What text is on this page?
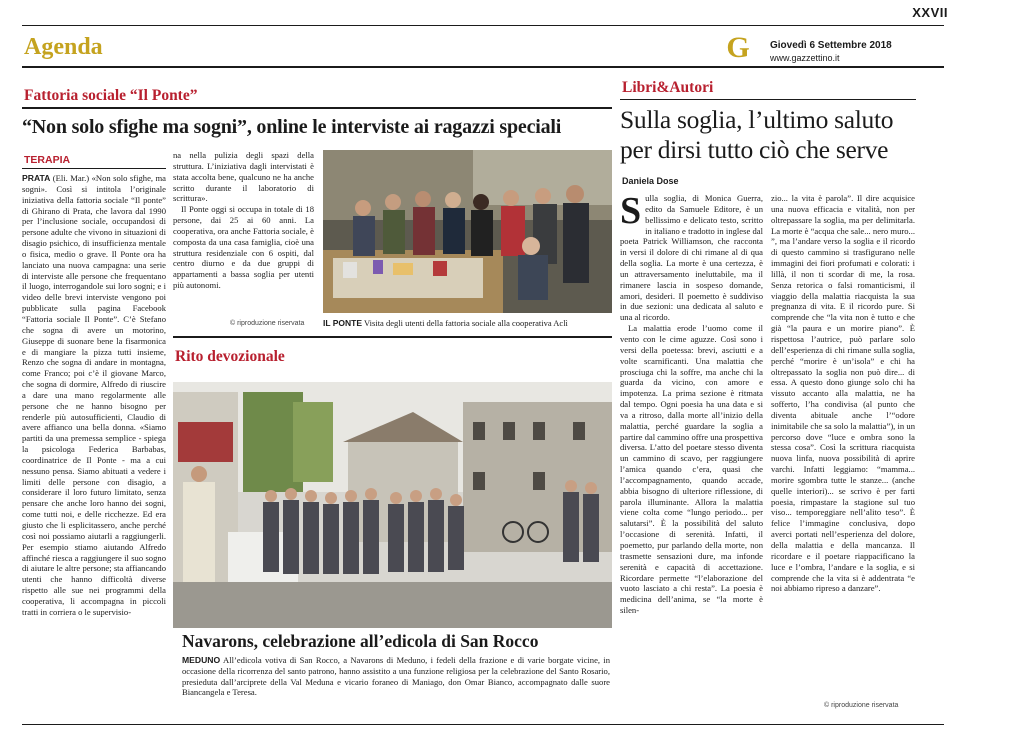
XXVII
Agenda	G Giovedì 6 Settembre 2018
www.gazzettino.it
Fattoria sociale “Il Ponte”
“Non solo sfighe ma sogni”, online le interviste ai ragazzi speciali
TERAPIA

PRATA (Eli. Mar.) «Non solo sfighe, ma sogni». Così si intitola l’originale iniziativa della fattoria sociale “Il ponte” di Ghirano di Prata, che lavora dal 1990 per l’inclusione sociale, occupandosi di persone adulte che vivono in situazioni di disagio psichico, di insufficienza mentale o fisica, medio o grave. Il Ponte ora ha lanciato una nuova campagna: una serie di interviste alle persone che frequentano il luogo, interrogandole sui loro sogni; e i video delle brevi interviste vengono poi pubblicate sulla pagina Facebook “Fattoria sociale Il Ponte”. C’è Stefano che sogna di avere un motorino, Giuseppe di suonare bene la fisarmonica e di mangiare la pizza tutti insieme, Renzo che sogna di andare in montagna, come Franco; poi c’è il giovane Marco, che sogna di dormire, Alfredo di riuscire a dare una mano regolarmente alle persone che ne hanno bisogno per renderle più autosufficienti, Claudio di avere affianco una bella donna. «Siamo partiti da una premessa semplice - spiega la psicologa Federica Barbabas, coordinatrice de Il Ponte - ma a cui nessuno pensa. Siamo abituati a vedere i limiti delle persone con disagio, a considerare il loro futuro limitato, senza pensare che anche loro hanno dei sogni, come tutti noi, e delle ricchezze. Ed era giusto che li esplicitassero, anche perché così noi possiamo aiutarli a raggiungerli. Per esempio stiamo aiutando Alfredo affinché riesca a raggiungere il suo sogno di aiutare le altre persone; sta affiancando utenti che hanno difficoltà diverse rispetto alle sue nei programmi della cooperativa, li accompagna in piccoli tratti in corriera o le supervisio-

na nella pulizia degli spazi della struttura. L’iniziativa dagli intervistati è stata accolta bene, qualcuno ne ha anche scritto durante il laboratorio di scrittura».

Il Ponte oggi si occupa in totale di 18 persone, dai 25 ai 60 anni. La cooperativa, ora anche Fattoria sociale, è composta da una casa famiglia, cioè una struttura residenziale con 6 ospiti, dal centro diurno e da due gruppi di appartamenti a bassa soglia per utenti più autonomi.

© riproduzione riservata IL PONTE Visita degli utenti della fattoria sociale alla cooperativa Aclì
Rito devozionale
Navarons, celebrazione all’edicola di San Rocco
MEDUNO All’edicola votiva di San Rocco, a Navarons di Meduno, i fedeli della frazione e di varie borgate vicine, in occasione della ricorrenza del santo patrono, hanno assistito a una funzione religiosa per la celebrazione del Santo Rosario, presieduta dall’arciprete della Val Meduna e vicario foraneo di Maniago, don Omar Bianco, accompagnato dalle suore Biancangela e Teresa.
Libri&Autori
Sulla soglia, l’ultimo saluto per dirsi tutto ciò che serve
Daniela Dose

Sulla soglia, di Monica Guerra, edito da Samuele Editore, è un bellissimo e delicato testo, scritto in italiano e tradotto in inglese dal poeta Patrick Williamson, che racconta in versi il dolore di chi rimane al di qua della soglia. La morte è una certezza, è un attraversamento ineluttabile, ma il rimanere lascia in sospeso domande, amori, desideri. Il poemetto è suddiviso in due sezioni: una dedicata al saluto e una al ricordo.

La malattia erode l’uomo come il vento con le cime aguzze. Così sono i versi della poetessa: brevi, asciutti e a volte scarnificanti. Una malattia che prosciuga chi la soffre, ma anche chi la guarda da vicino, con amore e impotenza. La prima sezione è ritmata dal tempo. Ogni poesia ha una data e si va a ritroso, dalla morte all’inizio della malattia, perché guardare la soglia a partire dal cammino offre una prospettiva diversa. L’atto del poetare stesso diventa un cammino di scavo, per raggiungere l’amica quando c’era, quasi che l’accompagnamento, quando accade, abbia bisogno di ulteriore riflessione, di parola illuminante. Allora la malattia viene colta come “lungo periodo... per salutarsi”. È la possibilità del saluto l’occasione di serenità. Infatti, il poemetto, pur parlando della morte, non trasmette sensazioni dure, ma infonde serenità e capacità di accettazione. Ricordare permette “l’elaborazione del vuoto lasciato a chi resta”. La poesia è medicina dell’anima, se “la morte è silen-

zio... la vita è parola”. Il dire acquisice una nuova efficacia e vitalità, non per oltrepassare la soglia, ma per delimitarla. La morte è “acqua che sale... nero muro... ”, ma l’andare verso la soglia e il ricordo di questo cammino si trasfigurano nelle immagini dei fiori profumati e colorati: i lillà, il non ti scordar di me, la rosa. Senza retorica o falsi romanticismi, il viaggio della malattia riacquista la sua pregnanza di vita. E il ricordo pure. Si comprende che “la vita non è tutto e che già “la paura e un morire piano”. È rispettosa l’autrice, può parlare solo dell’esperienza di chi rimane sulla soglia, perché “morire è un’isola” e chi ha oltrepassato la soglia non può dire... di essa. A questo dono giunge solo chi ha vissuto accanto alla malattia, ne ha sofferto, l’ha condivisa (al punto che diventa abituale anche l’“odore inimitabile che sa solo la malattia”), in un percorso dove “luce e ombra sono la stessa cosa”. Così la scrittura riacquista nuova linfa, nuova possibilità di aprire varchi. Infatti leggiamo: “mamma... morire sgombra tutte le stanze... (anche quelle interiori)... se scrivo è per farti poesia, rimpastare la stagione sul tuo viso... temporeggiare nell’alito teso”. È felice l’immagine conclusiva, dopo averci portati nell’esperienza del dolore, della malattia e della mancanza. Il ricordare e il poetare riappacificano la luce e l’ombra, l’andare e la soglia, e si comprende che la vita si è addentrata “e noi abbiamo ripreso a danzare”.

© riproduzione riservata
